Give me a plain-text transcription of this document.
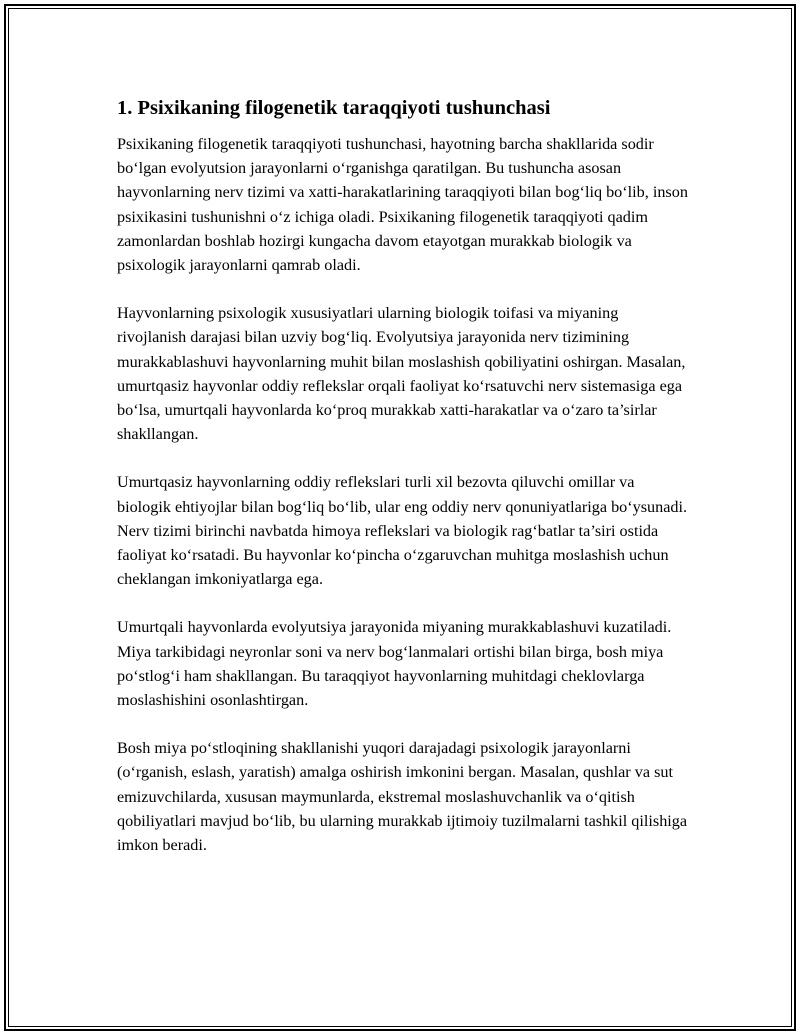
1. Psixikaning filogenetik taraqqiyoti tushunchasi

Psixikaning filogenetik taraqqiyoti tushunchasi, hayotning barcha shakllarida sodir bo‘lgan evolyutsion jarayonlarni o‘rganishga qaratilgan. Bu tushuncha asosan hayvonlarning nerv tizimi va xatti-harakatlarining taraqqiyoti bilan bog‘liq bo‘lib, inson psixikasini tushunishni o‘z ichiga oladi. Psixikaning filogenetik taraqqiyoti qadim zamonlardan boshlab hozirgi kungacha davom etayotgan murakkab biologik va psixologik jarayonlarni qamrab oladi.

Hayvonlarning psixologik xususiyatlari ularning biologik toifasi va miyaning rivojlanish darajasi bilan uzviy bog‘liq. Evolyutsiya jarayonida nerv tizimining murakkablashuvi hayvonlarning muhit bilan moslashish qobiliyatini oshirgan. Masalan, umurtqasiz hayvonlar oddiy reflekslar orqali faoliyat ko‘rsatuvchi nerv sistemasiga ega bo‘lsa, umurtqali hayvonlarda ko‘proq murakkab xatti-harakatlar va o‘zaro ta’sirlar shakllangan.

Umurtqasiz hayvonlarning oddiy reflekslari turli xil bezovta qiluvchi omillar va biologik ehtiyojlar bilan bog‘liq bo‘lib, ular eng oddiy nerv qonuniyatlariga bo‘ysunadi. Nerv tizimi birinchi navbatda himoya reflekslari va biologik rag‘batlar ta’siri ostida faoliyat ko‘rsatadi. Bu hayvonlar ko‘pincha o‘zgaruvchan muhitga moslashish uchun cheklangan imkoniyatlarga ega.

Umurtqali hayvonlarda evolyutsiya jarayonida miyaning murakkablashuvi kuzatiladi. Miya tarkibidagi neyronlar soni va nerv bog‘lanmalari ortishi bilan birga, bosh miya po‘stlog‘i ham shakllangan. Bu taraqqiyot hayvonlarning muhitdagi cheklovlarga moslashishini osonlashtirgan.

Bosh miya po‘stloqining shakllanishi yuqori darajadagi psixologik jarayonlarni (o‘rganish, eslash, yaratish) amalga oshirish imkonini bergan. Masalan, qushlar va sut emizuvchilarda, xususan maymunlarda, ekstremal moslashuvchanlik va o‘qitish qobiliyatlari mavjud bo‘lib, bu ularning murakkab ijtimoiy tuzilmalarni tashkil qilishiga imkon beradi.
